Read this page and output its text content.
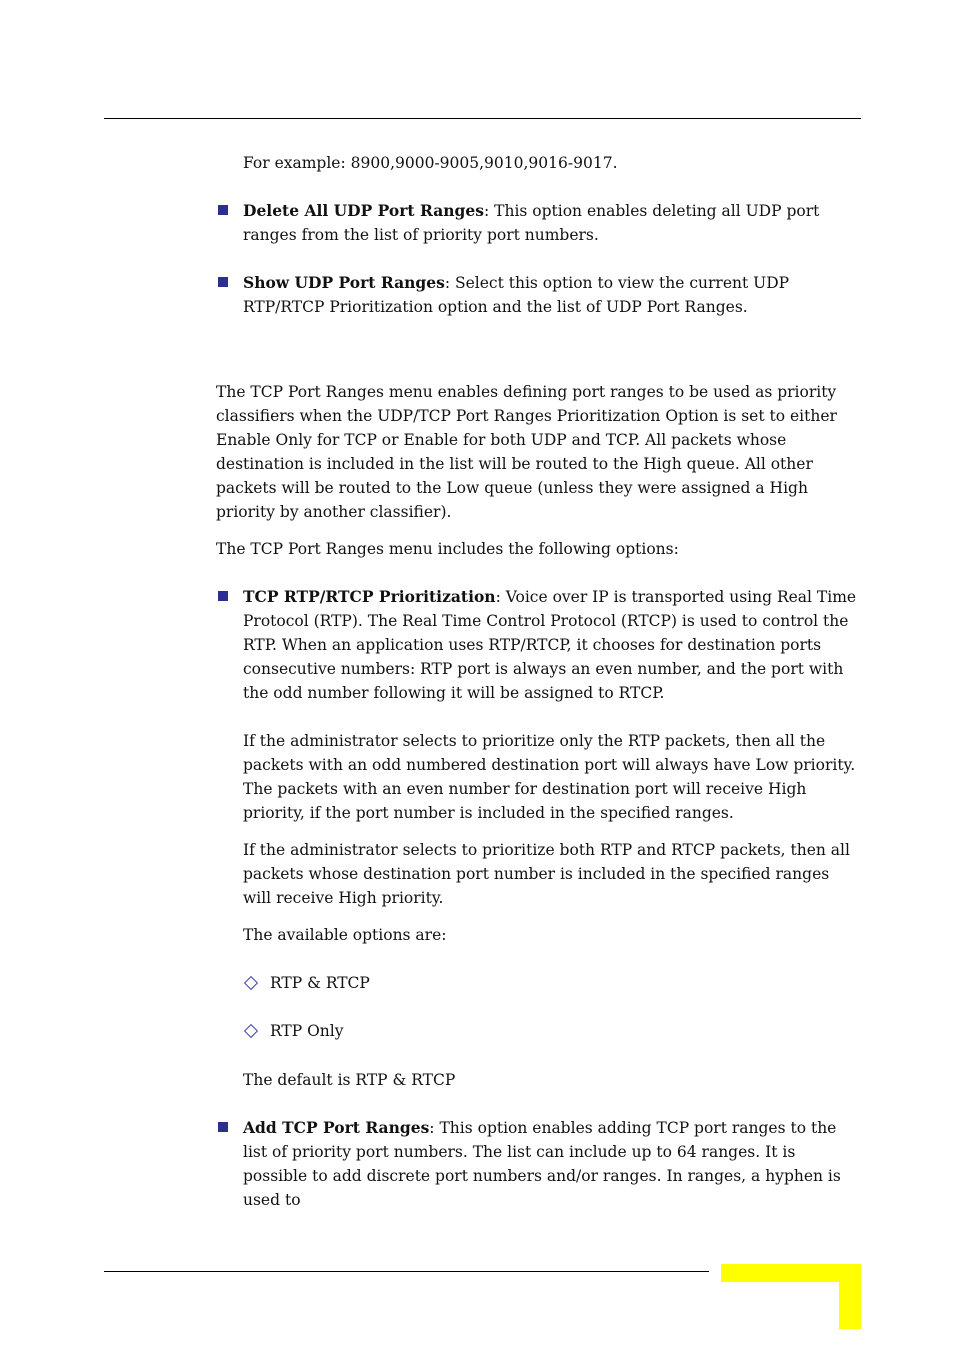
For example: 8900,9000-9005,9010,9016-9017.

Delete All UDP Port Ranges: This option enables deleting all UDP port ranges from the list of priority port numbers.

Show UDP Port Ranges: Select this option to view the current UDP RTP/RTCP Prioritization option and the list of UDP Port Ranges.

The TCP Port Ranges menu enables defining port ranges to be used as priority classifiers when the UDP/TCP Port Ranges Prioritization Option is set to either Enable Only for TCP or Enable for both UDP and TCP. All packets whose destination is included in the list will be routed to the High queue. All other packets will be routed to the Low queue (unless they were assigned a High priority by another classifier).

The TCP Port Ranges menu includes the following options:

TCP RTP/RTCP Prioritization: Voice over IP is transported using Real Time Protocol (RTP). The Real Time Control Protocol (RTCP) is used to control the RTP. When an application uses RTP/RTCP, it chooses for destination ports consecutive numbers: RTP port is always an even number, and the port with the odd number following it will be assigned to RTCP.

If the administrator selects to prioritize only the RTP packets, then all the packets with an odd numbered destination port will always have Low priority. The packets with an even number for destination port will receive High priority, if the port number is included in the specified ranges.

If the administrator selects to prioritize both RTP and RTCP packets, then all packets whose destination port number is included in the specified ranges will receive High priority.

The available options are:

RTP & RTCP

RTP Only

The default is RTP & RTCP

Add TCP Port Ranges: This option enables adding TCP port ranges to the list of priority port numbers. The list can include up to 64 ranges. It is possible to add discrete port numbers and/or ranges. In ranges, a hyphen is used to
